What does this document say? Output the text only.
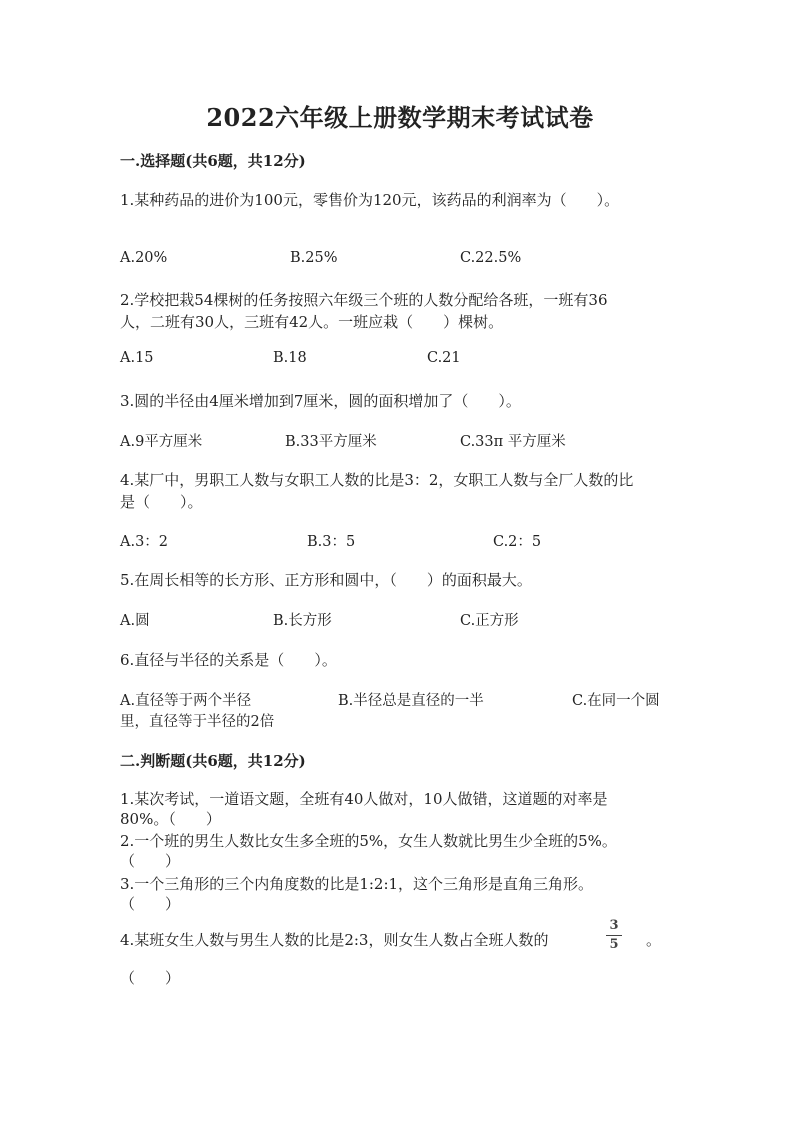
2022六年级上册数学期末考试试卷
一.选择题(共6题，共12分)
1.某种药品的进价为100元，零售价为120元，该药品的利润率为（　　）。
A.20%	B.25%	C.22.5%
2.学校把栽54棵树的任务按照六年级三个班的人数分配给各班，一班有36
人，二班有30人，三班有42人。一班应栽（　　）棵树。
A.15	B.18	C.21
3.圆的半径由4厘米增加到7厘米，圆的面积增加了（　　）。
A.9平方厘米	B.33平方厘米	C.33π 平方厘米
4.某厂中，男职工人数与女职工人数的比是3：2，女职工人数与全厂人数的比
是（　　）。
A.3：2	B.3：5	C.2：5
5.在周长相等的长方形、正方形和圆中，（　　）的面积最大。
A.圆	B.长方形	C.正方形
6.直径与半径的关系是（　　）。
A.直径等于两个半径	B.半径总是直径的一半	C.在同一个圆
里，直径等于半径的2倍
二.判断题(共6题，共12分)
1.某次考试，一道语文题，全班有40人做对，10人做错，这道题的对率是
80%。（　　）
2.一个班的男生人数比女生多全班的5%，女生人数就比男生少全班的5%。
（　　）
3.一个三角形的三个内角度数的比是1:2:1，这个三角形是直角三角形。
（　　）
4.某班女生人数与男生人数的比是2:3，则女生人数占全班人数的
3
5	。
（　　）
